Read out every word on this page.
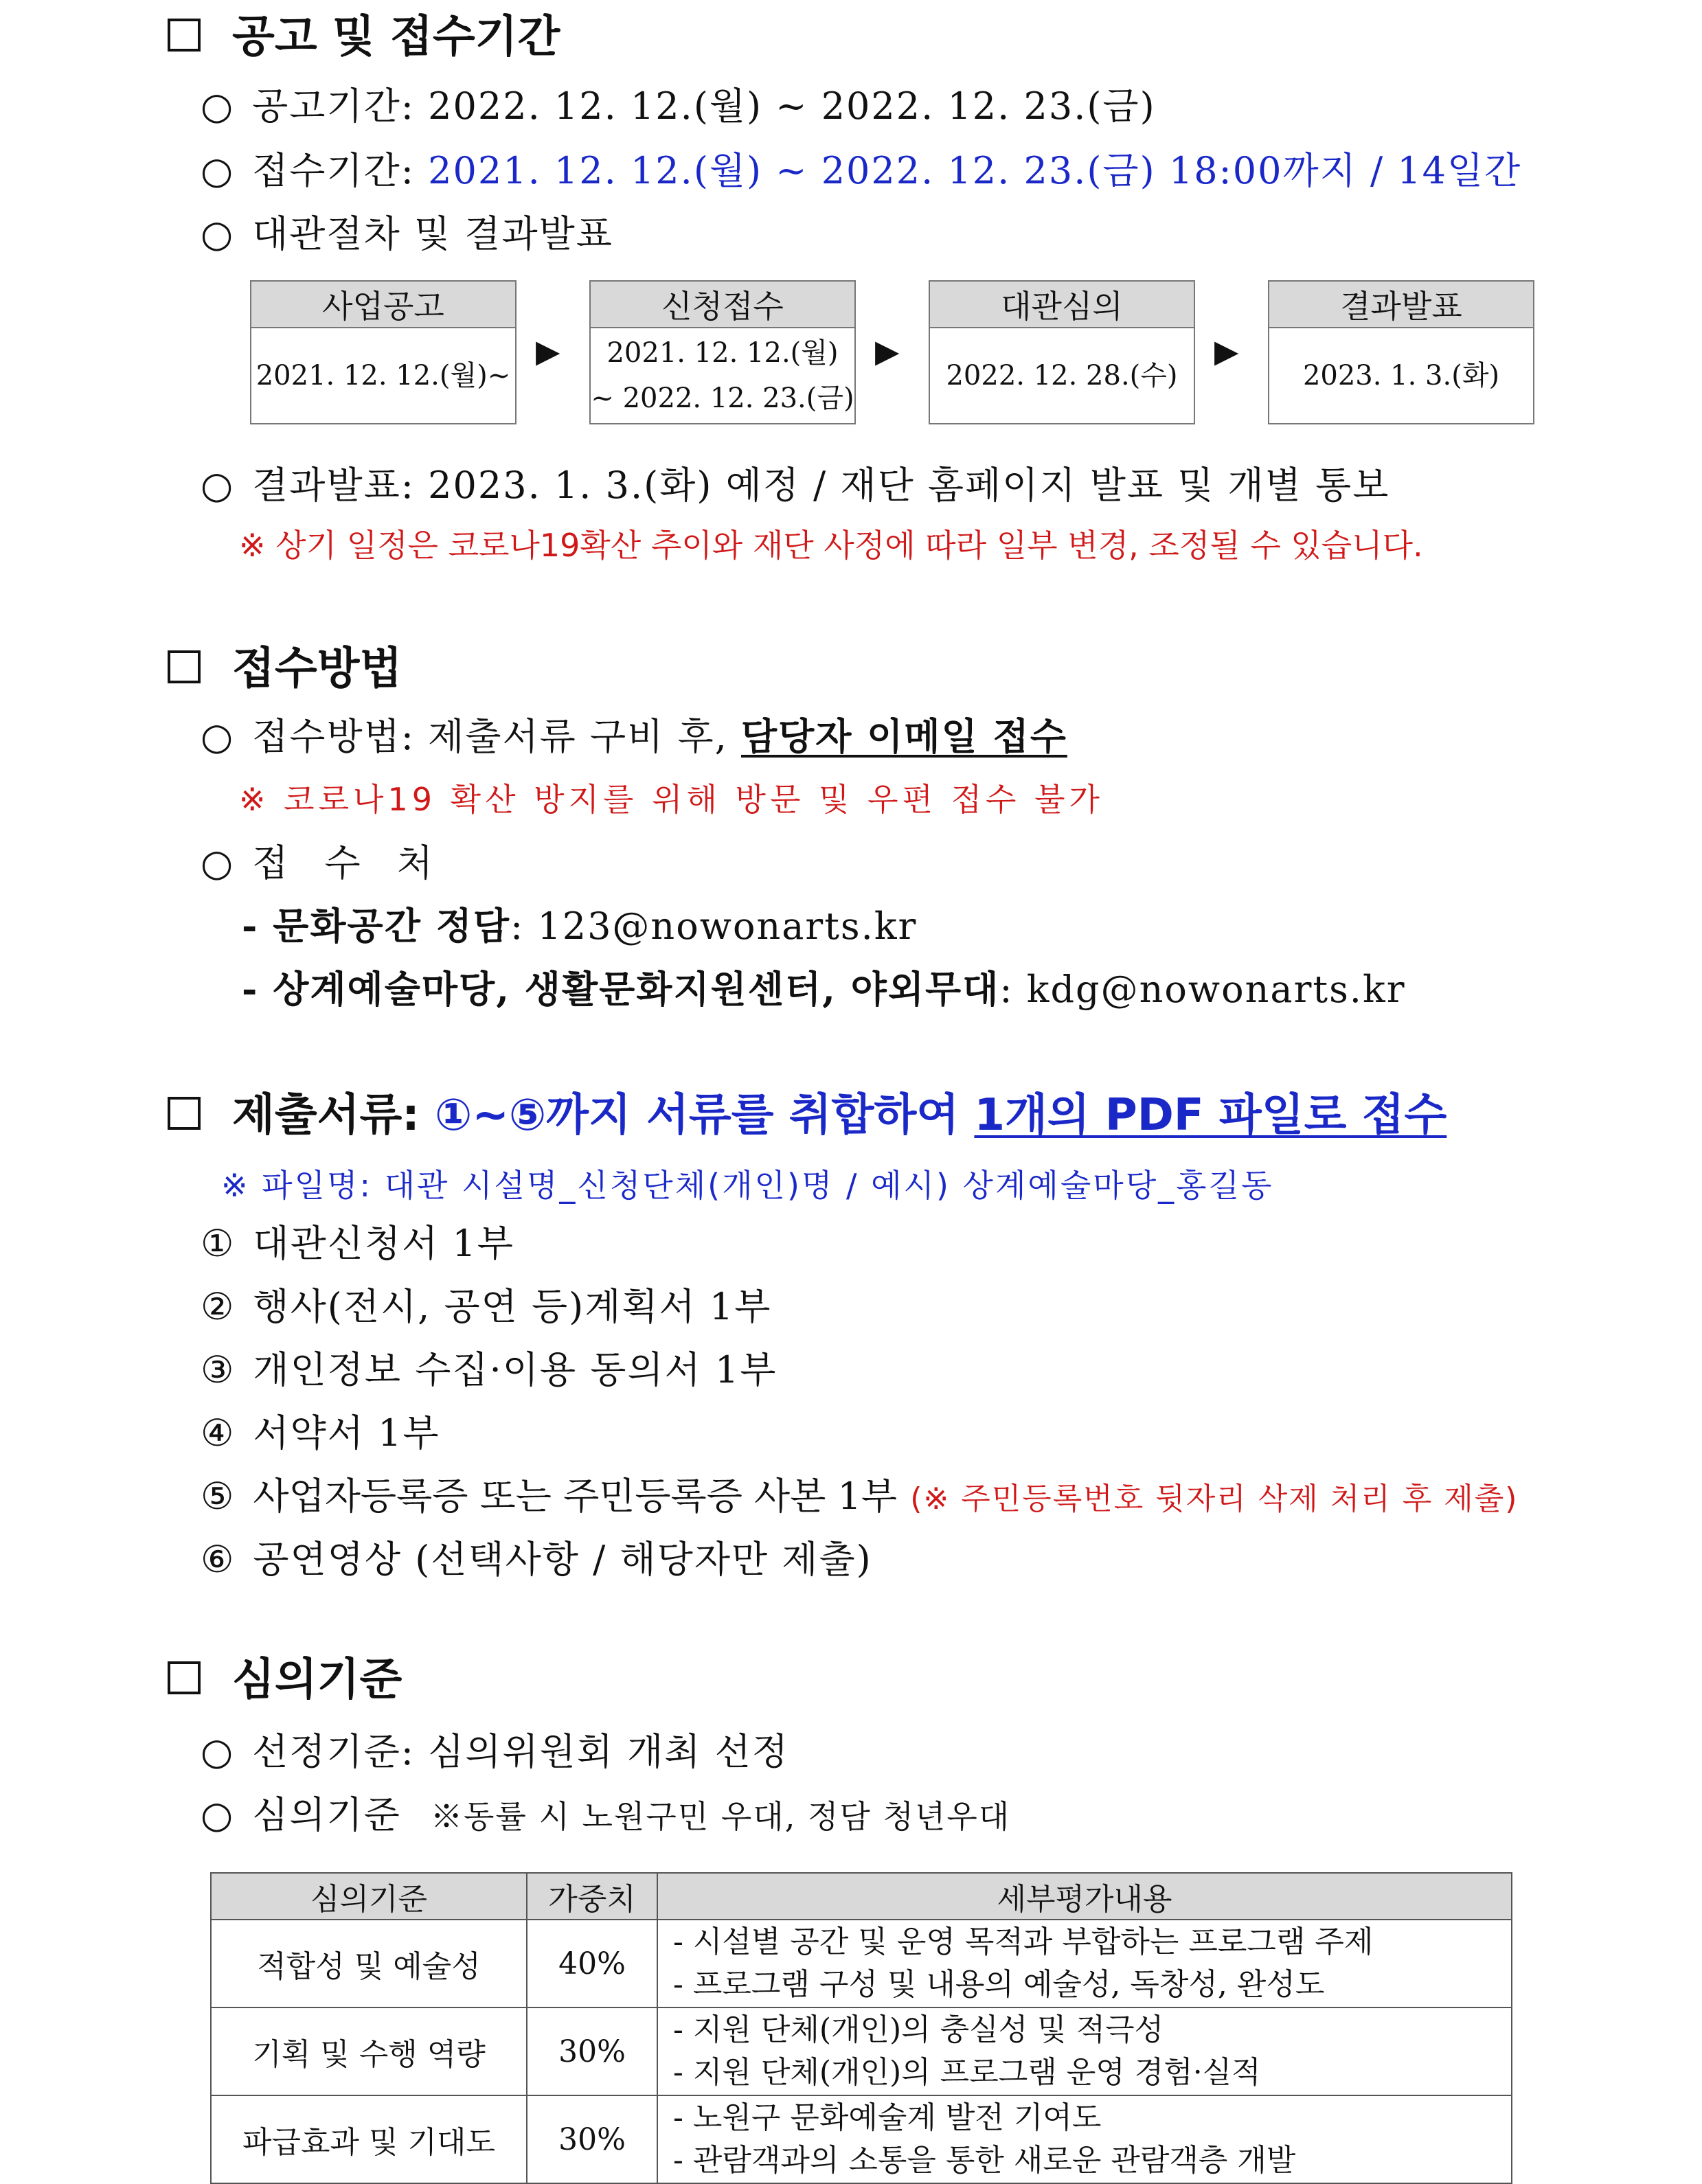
공고 및 접수기간
○ 공고기간: 2022. 12. 12.(월) ~ 2022. 12. 23.(금)
○ 접수기간: 2021. 12. 12.(월) ~ 2022. 12. 23.(금) 18:00까지 / 14일간
○ 대관절차 및 결과발표
사업공고
2021. 12. 12.(월)~
▶
신청접수
2021. 12. 12.(월)
~ 2022. 12. 23.(금)
▶
대관심의
2022. 12. 28.(수)
▶
결과발표
2023. 1. 3.(화)
○ 결과발표: 2023. 1. 3.(화) 예정 / 재단 홈페이지 발표 및 개별 통보
※ 상기 일정은 코로나19확산 추이와 재단 사정에 따라 일부 변경, 조정될 수 있습니다.
접수방법
○ 접수방법: 제출서류 구비 후, 담당자 이메일 접수
※ 코로나19 확산 방지를 위해 방문 및 우편 접수 불가
○ 접 수 처
- 문화공간 정담: 123@nowonarts.kr
- 상계예술마당, 생활문화지원센터, 야외무대: kdg@nowonarts.kr
제출서류: ①~⑤까지 서류를 취합하여 1개의 PDF 파일로 접수
※ 파일명: 대관 시설명_신청단체(개인)명 / 예시) 상계예술마당_홍길동
① 대관신청서 1부
② 행사(전시, 공연 등)계획서 1부
③ 개인정보 수집·이용 동의서 1부
④ 서약서 1부
⑤ 사업자등록증 또는 주민등록증 사본 1부 (※ 주민등록번호 뒷자리 삭제 처리 후 제출)
⑥ 공연영상 (선택사항 / 해당자만 제출)
심의기준
○ 선정기준: 심의위원회 개최 선정
○ 심의기준 ※동률 시 노원구민 우대, 정담 청년우대
심의기준	가중치	세부평가내용
적합성 및 예술성	40%	- 시설별 공간 및 운영 목적과 부합하는 프로그램 주제
- 프로그램 구성 및 내용의 예술성, 독창성, 완성도

기획 및 수행 역량	30%	- 지원 단체(개인)의 충실성 및 적극성
- 지원 단체(개인)의 프로그램 운영 경험·실적

파급효과 및 기대도	30%	- 노원구 문화예술계 발전 기여도
- 관람객과의 소통을 통한 새로운 관람객층 개발
